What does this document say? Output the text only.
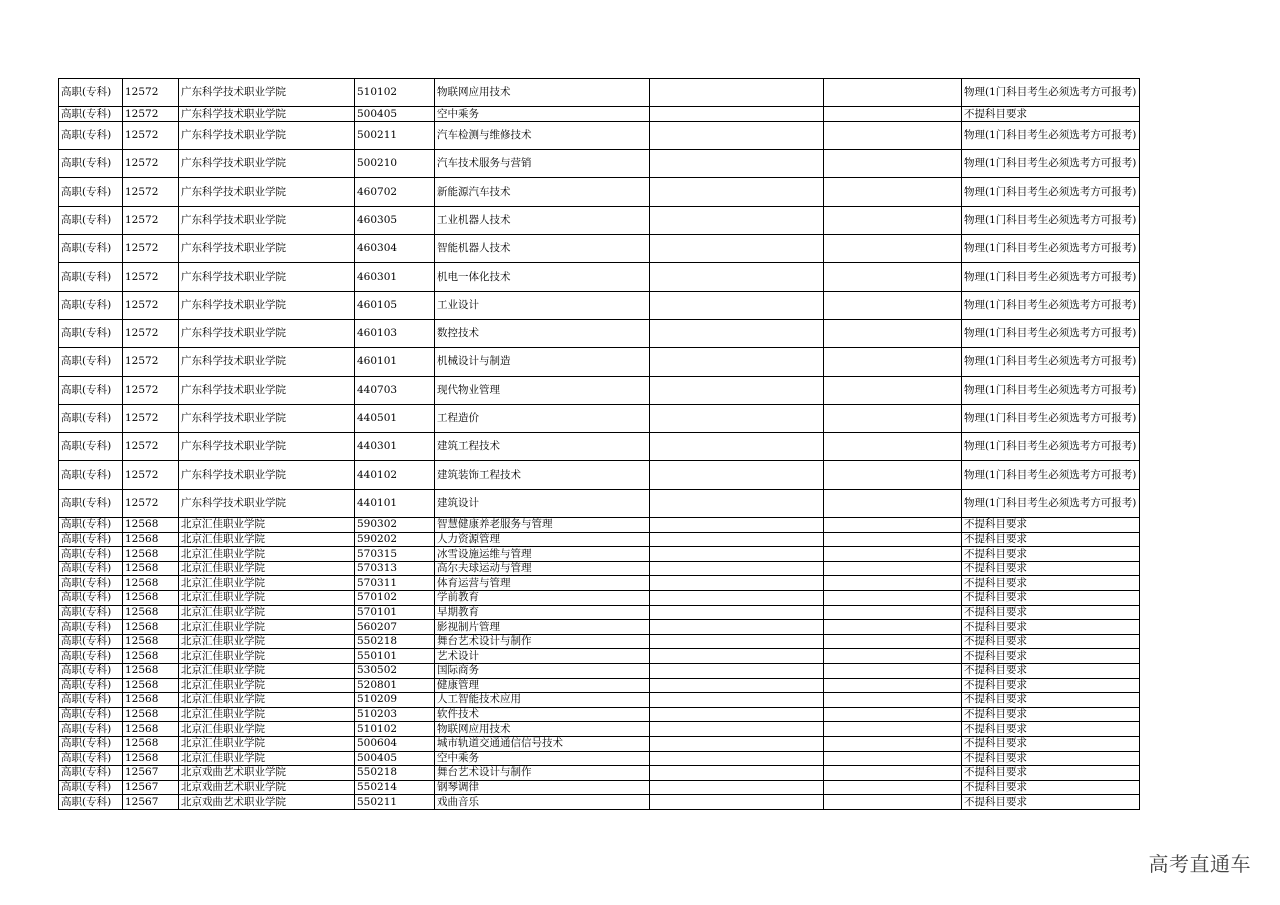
高职(专科)	12572	广东科学技术职业学院	510102	物联网应用技术			物理(1门科目考生必须选考方可报考)
高职(专科)	12572	广东科学技术职业学院	500405	空中乘务			不提科目要求
高职(专科)	12572	广东科学技术职业学院	500211	汽车检测与维修技术			物理(1门科目考生必须选考方可报考)
高职(专科)	12572	广东科学技术职业学院	500210	汽车技术服务与营销			物理(1门科目考生必须选考方可报考)
高职(专科)	12572	广东科学技术职业学院	460702	新能源汽车技术			物理(1门科目考生必须选考方可报考)
高职(专科)	12572	广东科学技术职业学院	460305	工业机器人技术			物理(1门科目考生必须选考方可报考)
高职(专科)	12572	广东科学技术职业学院	460304	智能机器人技术			物理(1门科目考生必须选考方可报考)
高职(专科)	12572	广东科学技术职业学院	460301	机电一体化技术			物理(1门科目考生必须选考方可报考)
高职(专科)	12572	广东科学技术职业学院	460105	工业设计			物理(1门科目考生必须选考方可报考)
高职(专科)	12572	广东科学技术职业学院	460103	数控技术			物理(1门科目考生必须选考方可报考)
高职(专科)	12572	广东科学技术职业学院	460101	机械设计与制造			物理(1门科目考生必须选考方可报考)
高职(专科)	12572	广东科学技术职业学院	440703	现代物业管理			物理(1门科目考生必须选考方可报考)
高职(专科)	12572	广东科学技术职业学院	440501	工程造价			物理(1门科目考生必须选考方可报考)
高职(专科)	12572	广东科学技术职业学院	440301	建筑工程技术			物理(1门科目考生必须选考方可报考)
高职(专科)	12572	广东科学技术职业学院	440102	建筑装饰工程技术			物理(1门科目考生必须选考方可报考)
高职(专科)	12572	广东科学技术职业学院	440101	建筑设计			物理(1门科目考生必须选考方可报考)
高职(专科)	12568	北京汇佳职业学院	590302	智慧健康养老服务与管理			不提科目要求
高职(专科)	12568	北京汇佳职业学院	590202	人力资源管理			不提科目要求
高职(专科)	12568	北京汇佳职业学院	570315	冰雪设施运维与管理			不提科目要求
高职(专科)	12568	北京汇佳职业学院	570313	高尔夫球运动与管理			不提科目要求
高职(专科)	12568	北京汇佳职业学院	570311	体育运营与管理			不提科目要求
高职(专科)	12568	北京汇佳职业学院	570102	学前教育			不提科目要求
高职(专科)	12568	北京汇佳职业学院	570101	早期教育			不提科目要求
高职(专科)	12568	北京汇佳职业学院	560207	影视制片管理			不提科目要求
高职(专科)	12568	北京汇佳职业学院	550218	舞台艺术设计与制作			不提科目要求
高职(专科)	12568	北京汇佳职业学院	550101	艺术设计			不提科目要求
高职(专科)	12568	北京汇佳职业学院	530502	国际商务			不提科目要求
高职(专科)	12568	北京汇佳职业学院	520801	健康管理			不提科目要求
高职(专科)	12568	北京汇佳职业学院	510209	人工智能技术应用			不提科目要求
高职(专科)	12568	北京汇佳职业学院	510203	软件技术			不提科目要求
高职(专科)	12568	北京汇佳职业学院	510102	物联网应用技术			不提科目要求
高职(专科)	12568	北京汇佳职业学院	500604	城市轨道交通通信信号技术			不提科目要求
高职(专科)	12568	北京汇佳职业学院	500405	空中乘务			不提科目要求
高职(专科)	12567	北京戏曲艺术职业学院	550218	舞台艺术设计与制作			不提科目要求
高职(专科)	12567	北京戏曲艺术职业学院	550214	钢琴调律			不提科目要求
高职(专科)	12567	北京戏曲艺术职业学院	550211	戏曲音乐			不提科目要求
高考直通车
